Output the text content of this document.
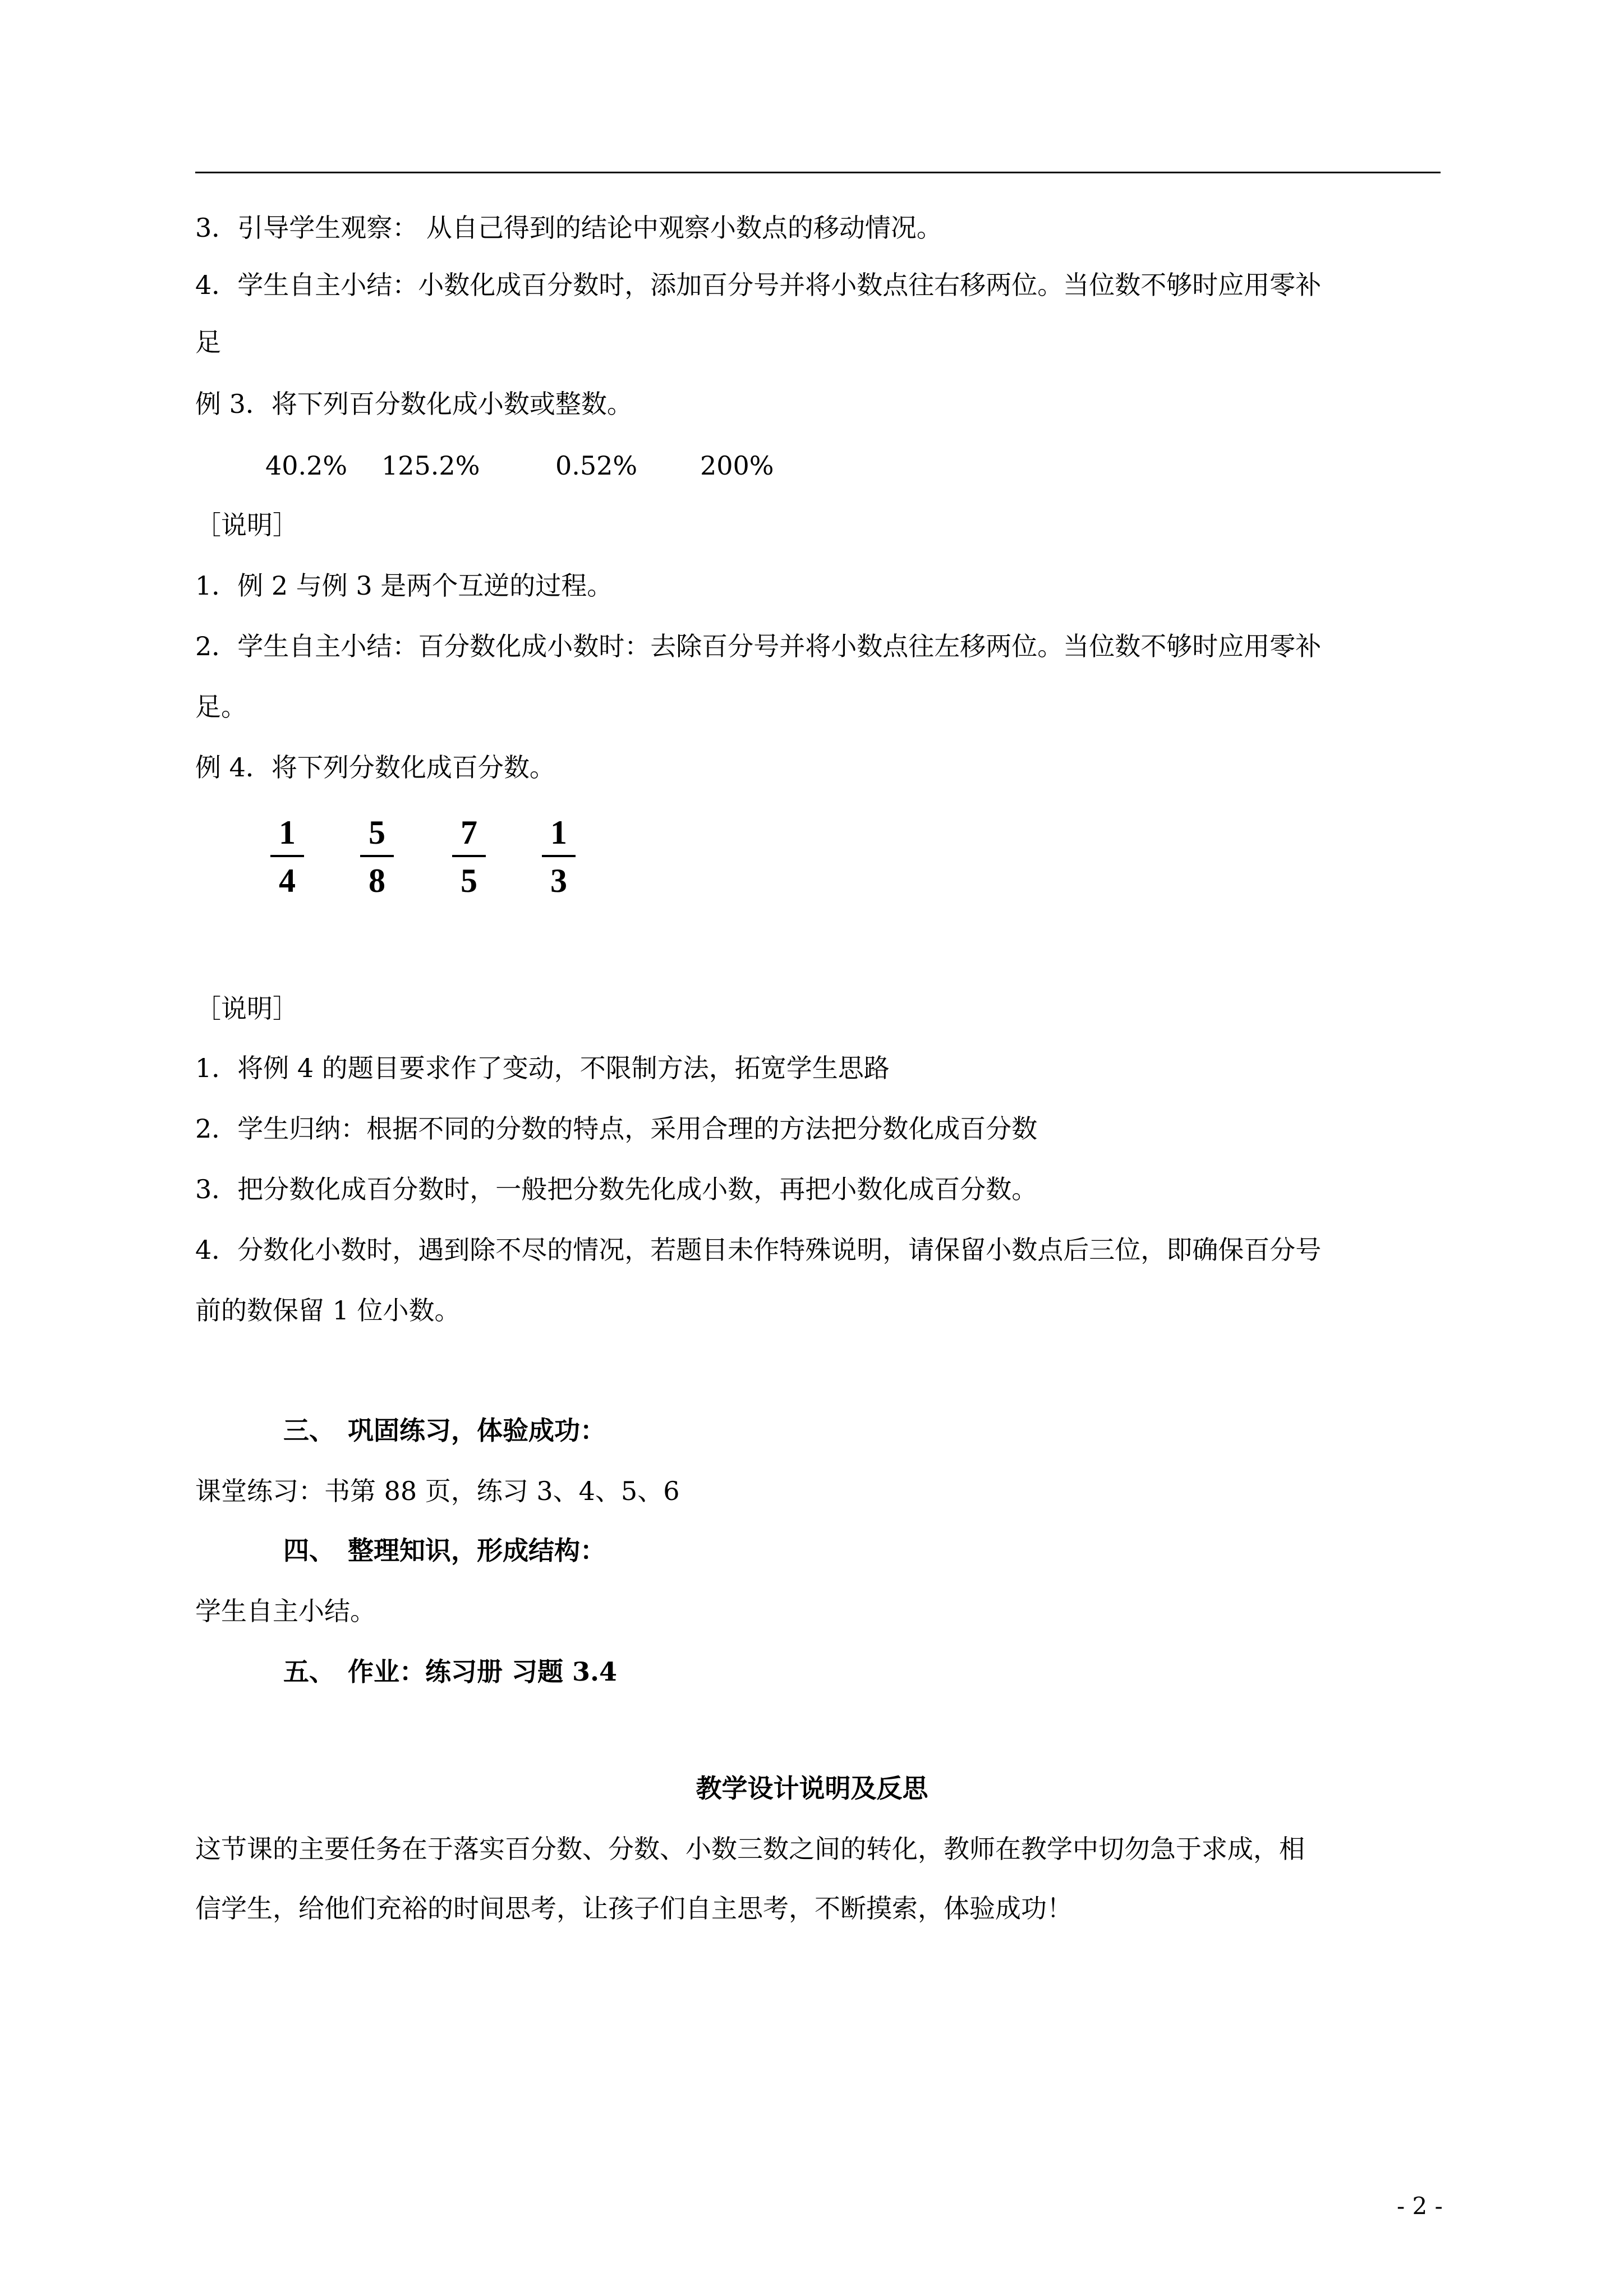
3．引导学生观察： 从自己得到的结论中观察小数点的移动情况。
4．学生自主小结：小数化成百分数时，添加百分号并将小数点往右移两位。当位数不够时应用零补
足
例 3．将下列百分数化成小数或整数。
40.2% 125.2%	0.52% 200%
［说明］
1．例 2 与例 3 是两个互逆的过程。
2．学生自主小结：百分数化成小数时：去除百分号并将小数点往左移两位。当位数不够时应用零补
足。
例 4．将下列分数化成百分数。
1
4
5
8
7
5
1
3
［说明］
1．将例 4 的题目要求作了变动，不限制方法，拓宽学生思路
2．学生归纳：根据不同的分数的特点，采用合理的方法把分数化成百分数
3．把分数化成百分数时，一般把分数先化成小数，再把小数化成百分数。
4．分数化小数时，遇到除不尽的情况，若题目未作特殊说明，请保留小数点后三位，即确保百分号
前的数保留 1 位小数。
三、　巩固练习，体验成功：
课堂练习：书第 88 页，练习 3、4、5、6
四、　整理知识，形成结构：
学生自主小结。
五、　作业：练习册 习题 3.4
教学设计说明及反思
这节课的主要任务在于落实百分数、分数、小数三数之间的转化，教师在教学中切勿急于求成，相
信学生，给他们充裕的时间思考，让孩子们自主思考，不断摸索，体验成功！
- 2 -
